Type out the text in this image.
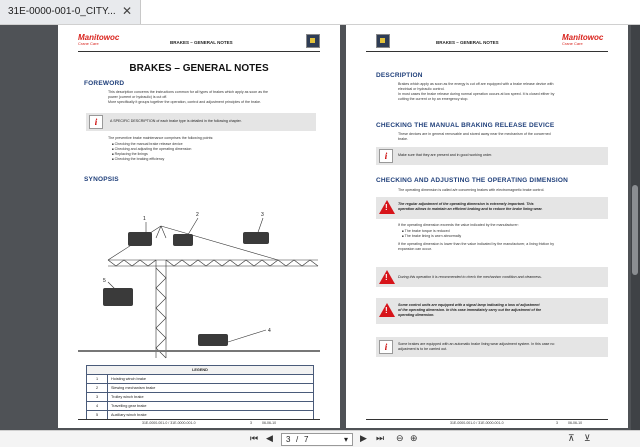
31E-0000-001-0_CITY... ✕
Manitowoc
Crane Care	BRAKES – GENERAL NOTES
BRAKES – GENERAL NOTES
FOREWORD
This description concerns the instructions common for all types of brakes which apply as soon as the
power (current or hydraulic) is cut off.
More specifically it groups together the operation, control and adjustment principles of the brake.
i	A SPECIFIC DESCRIPTION of each brake type is detailed in the following chapter.
The preventive brake maintenance comprises the following points:
■ Checking the manual brake release device
■ Checking and adjusting the operating dimension
■ Replacing the linings
■ Checking the braking efficiency
SYNOPSIS
1
2	3
4
5
LEGEND	
1	Hoisting winch brake
2	Slewing mechanism brake
3	Trolley winch brake
4	Travelling gear brake
5	Auxiliary winch brake
31E-0000-001-0 / 31E-0000-001-0	3	06-06-10
BRAKES – GENERAL NOTES
Manitowoc
Crane Care
DESCRIPTION
Brakes which apply as soon as the energy is cut off are equipped with a brake release device with
electrical or hydraulic control.
In most cases the brake release during normal operation occurs at low speed. It is closed either by
cutting the current or by an emergency stop.
CHECKING THE MANUAL BRAKING RELEASE DEVICE
These devices are in general removable and stored away near the mechanism of the concerned
brake.
i	Make sure that they are present and in good working order.
CHECKING AND ADJUSTING THE OPERATING DIMENSION
The operating dimension is called a/e concerning brakes with electromagnetic brake control.
!
The regular adjustment of the operating dimension is extremely important. This
operation allows to maintain an efficient braking and to reduce the brake lining wear.
If the operating dimension exceeds the value indicated by the manufacturer:
■ The brake torque is reduced
■ The brake lining is worn abnormally
If the operating dimension is lower than the value indicated by the manufacturer, a lining friction by
expansion can occur.
!
During this operation it is recommended to check the mechanism condition and cleanness.
!
Some control units are equipped with a signal lamp indicating a loss of adjustment
of the operating dimension. In this case immediately carry out the adjustment of the
operating dimension.
i	Some brakes are equipped with an automatic brake lining wear adjustment system. In this case no
adjustment is to be carried out.
31E-0000-001-0 / 31E-0000-001-0	3	06-06-10
⏮ ◀ 3 / 7	▾ ▶ ⏭ ⊖ ⊕	⊼ ⊻
